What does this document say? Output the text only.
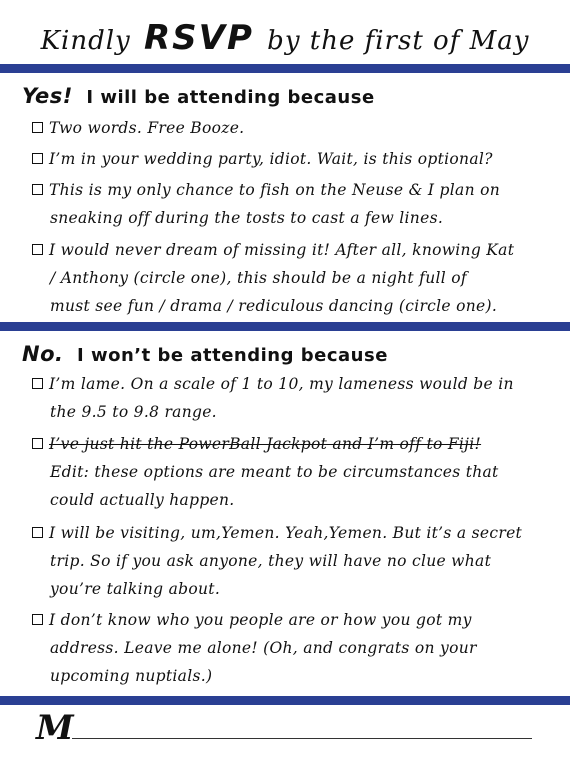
Kindly RSVP by the first of May
Yes! I will be attending because
Two words. Free Booze.
I’m in your wedding party, idiot. Wait, is this optional?
This is my only chance to fish on the Neuse & I plan on
sneaking off during the tosts to cast a few lines.
I would never dream of missing it! After all, knowing Kat
/ Anthony (circle one), this should be a night full of
must see fun / drama / rediculous dancing (circle one).
No. I won’t be attending because
I’m lame. On a scale of 1 to 10, my lameness would be in
the 9.5 to 9.8 range.
I’ve just hit the PowerBall Jackpot and I’m off to Fiji!
Edit: these options are meant to be circumstances that
could actually happen.
I will be visiting, um,Yemen. Yeah,Yemen. But it’s a secret
trip. So if you ask anyone, they will have no clue what
you’re talking about.
I don’t know who you people are or how you got my
address. Leave me alone! (Oh, and congrats on your
upcoming nuptials.)
M
